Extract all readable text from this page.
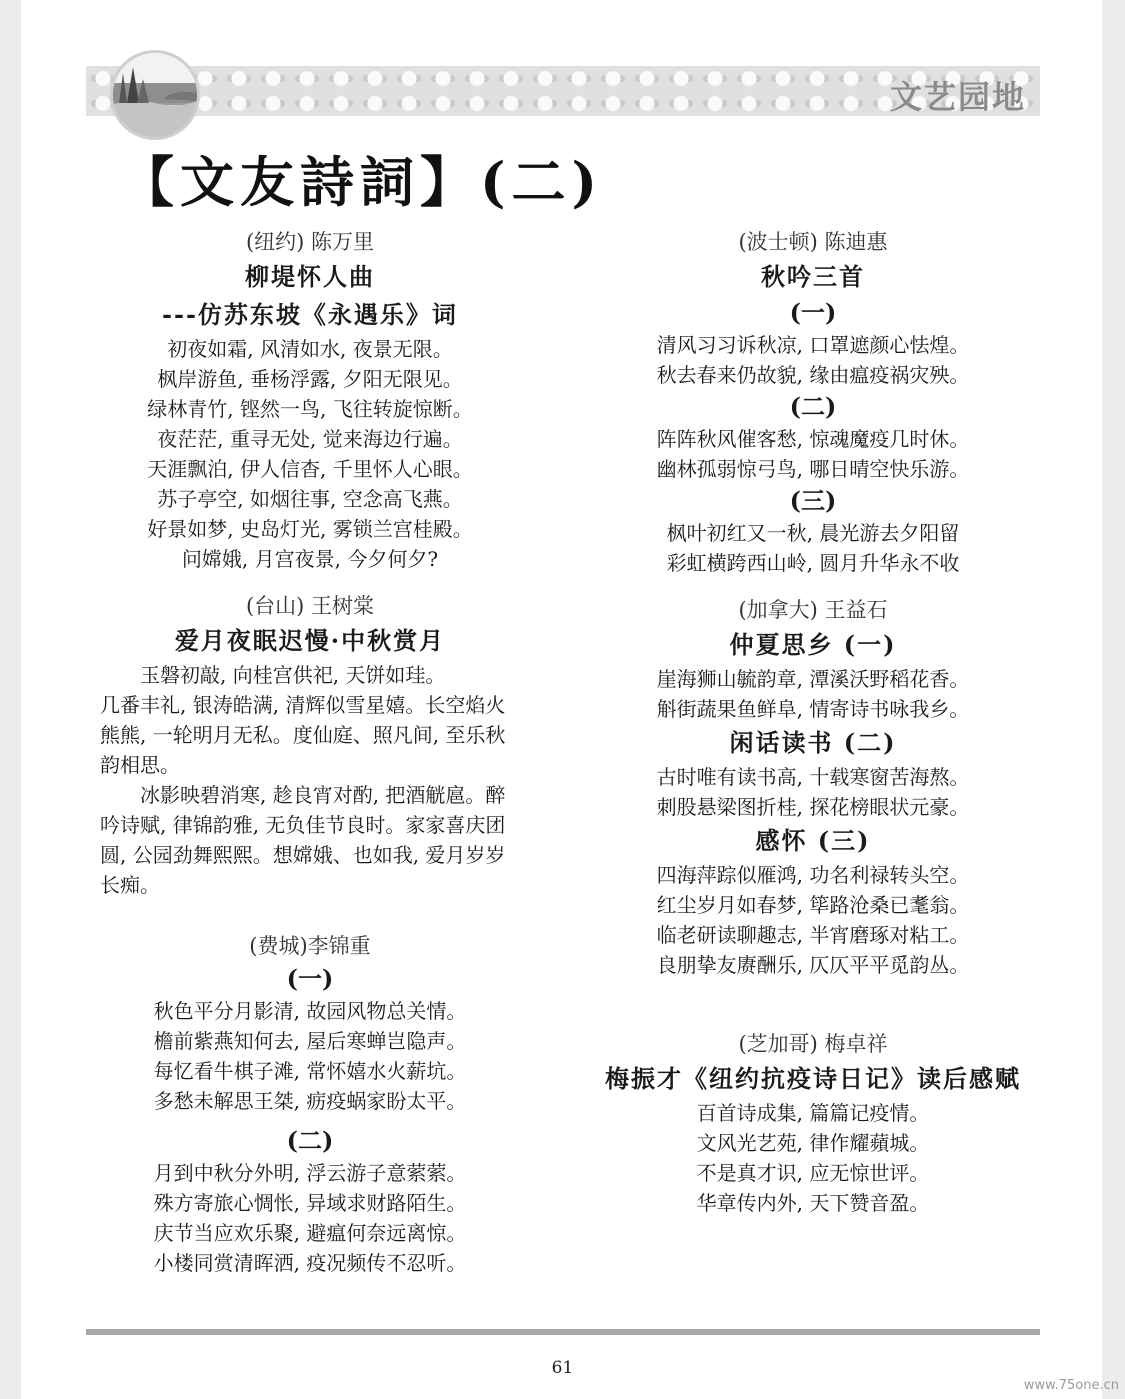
文艺园地
【文友詩詞】(二)

(纽约) 陈万里

柳堤怀人曲

---仿苏东坡《永遇乐》词

初夜如霜, 风清如水, 夜景无限。

枫岸游鱼, 垂杨浮露, 夕阳无限见。

绿林青竹, 铿然一鸟, 飞往转旋惊断。

夜茫茫, 重寻无处, 觉来海边行遍。

天涯飘泊, 伊人信杳, 千里怀人心眼。

苏子亭空, 如烟往事, 空念高飞燕。

好景如梦, 史岛灯光, 雾锁兰宫桂殿。

问嫦娥, 月宫夜景, 今夕何夕?

(台山) 王树棠

爱月夜眠迟慢·中秋赏月

玉磐初敲, 向桂宫供祀, 天饼如珪。

几番丰礼, 银涛皓满, 清辉似雪星嬉。长空焰火熊熊, 一轮明月无私。度仙庭、照凡间, 至乐秋韵相思。

冰影映碧消寒, 趁良宵对酌, 把酒觥扈。醉吟诗赋, 律锦韵雅, 无负佳节良时。家家喜庆团圆, 公园劲舞熙熙。想嫦娥、也如我, 爱月岁岁长痴。

(费城)李锦重

(一)

秋色平分月影清, 故园风物总关情。

檐前紫燕知何去, 屋后寒蝉岂隐声。

每忆看牛棋子滩, 常怀嬉水火薪坑。

多愁未解思王桀, 疬疫蜗家盼太平。

(二)

月到中秋分外明, 浮云游子意萦萦。

殊方寄旅心惆怅, 异域求财路陌生。

庆节当应欢乐聚, 避瘟何奈远离惊。

小楼同赏清晖洒, 疫况频传不忍听。

(波士顿) 陈迪惠

秋吟三首

(一)

清风习习诉秋凉, 口罩遮颜心怯煌。

秋去春来仍故貌, 缘由瘟疫祸灾殃。

(二)

阵阵秋风催客愁, 惊魂魔疫几时休。

幽林孤弱惊弓鸟, 哪日晴空快乐游。

(三)

枫叶初红又一秋, 晨光游去夕阳留

彩虹横跨西山岭, 圆月升华永不收

(加拿大) 王益石

仲夏思乡 (一)

崖海狮山毓韵章, 潭溪沃野稻花香。

斛街蔬果鱼鲜阜, 情寄诗书咏我乡。

闲话读书 (二)

古时唯有读书高, 十载寒窗苦海熬。

刺股悬梁图折桂, 探花榜眼状元豪。

感怀 (三)

四海萍踪似雁鸿, 功名利禄转头空。

红尘岁月如春梦, 筚路沧桑已耄翁。

临老研读聊趣志, 半宵磨琢对粘工。

良朋挚友赓酬乐, 仄仄平平觅韵丛。

(芝加哥) 梅卓祥

梅振才《纽约抗疫诗日记》读后感赋

百首诗成集, 篇篇记疫情。

文风光艺苑, 律作耀蘋城。

不是真才识, 应无惊世评。

华章传内外, 天下赞音盈。

61
www.75one.cn
